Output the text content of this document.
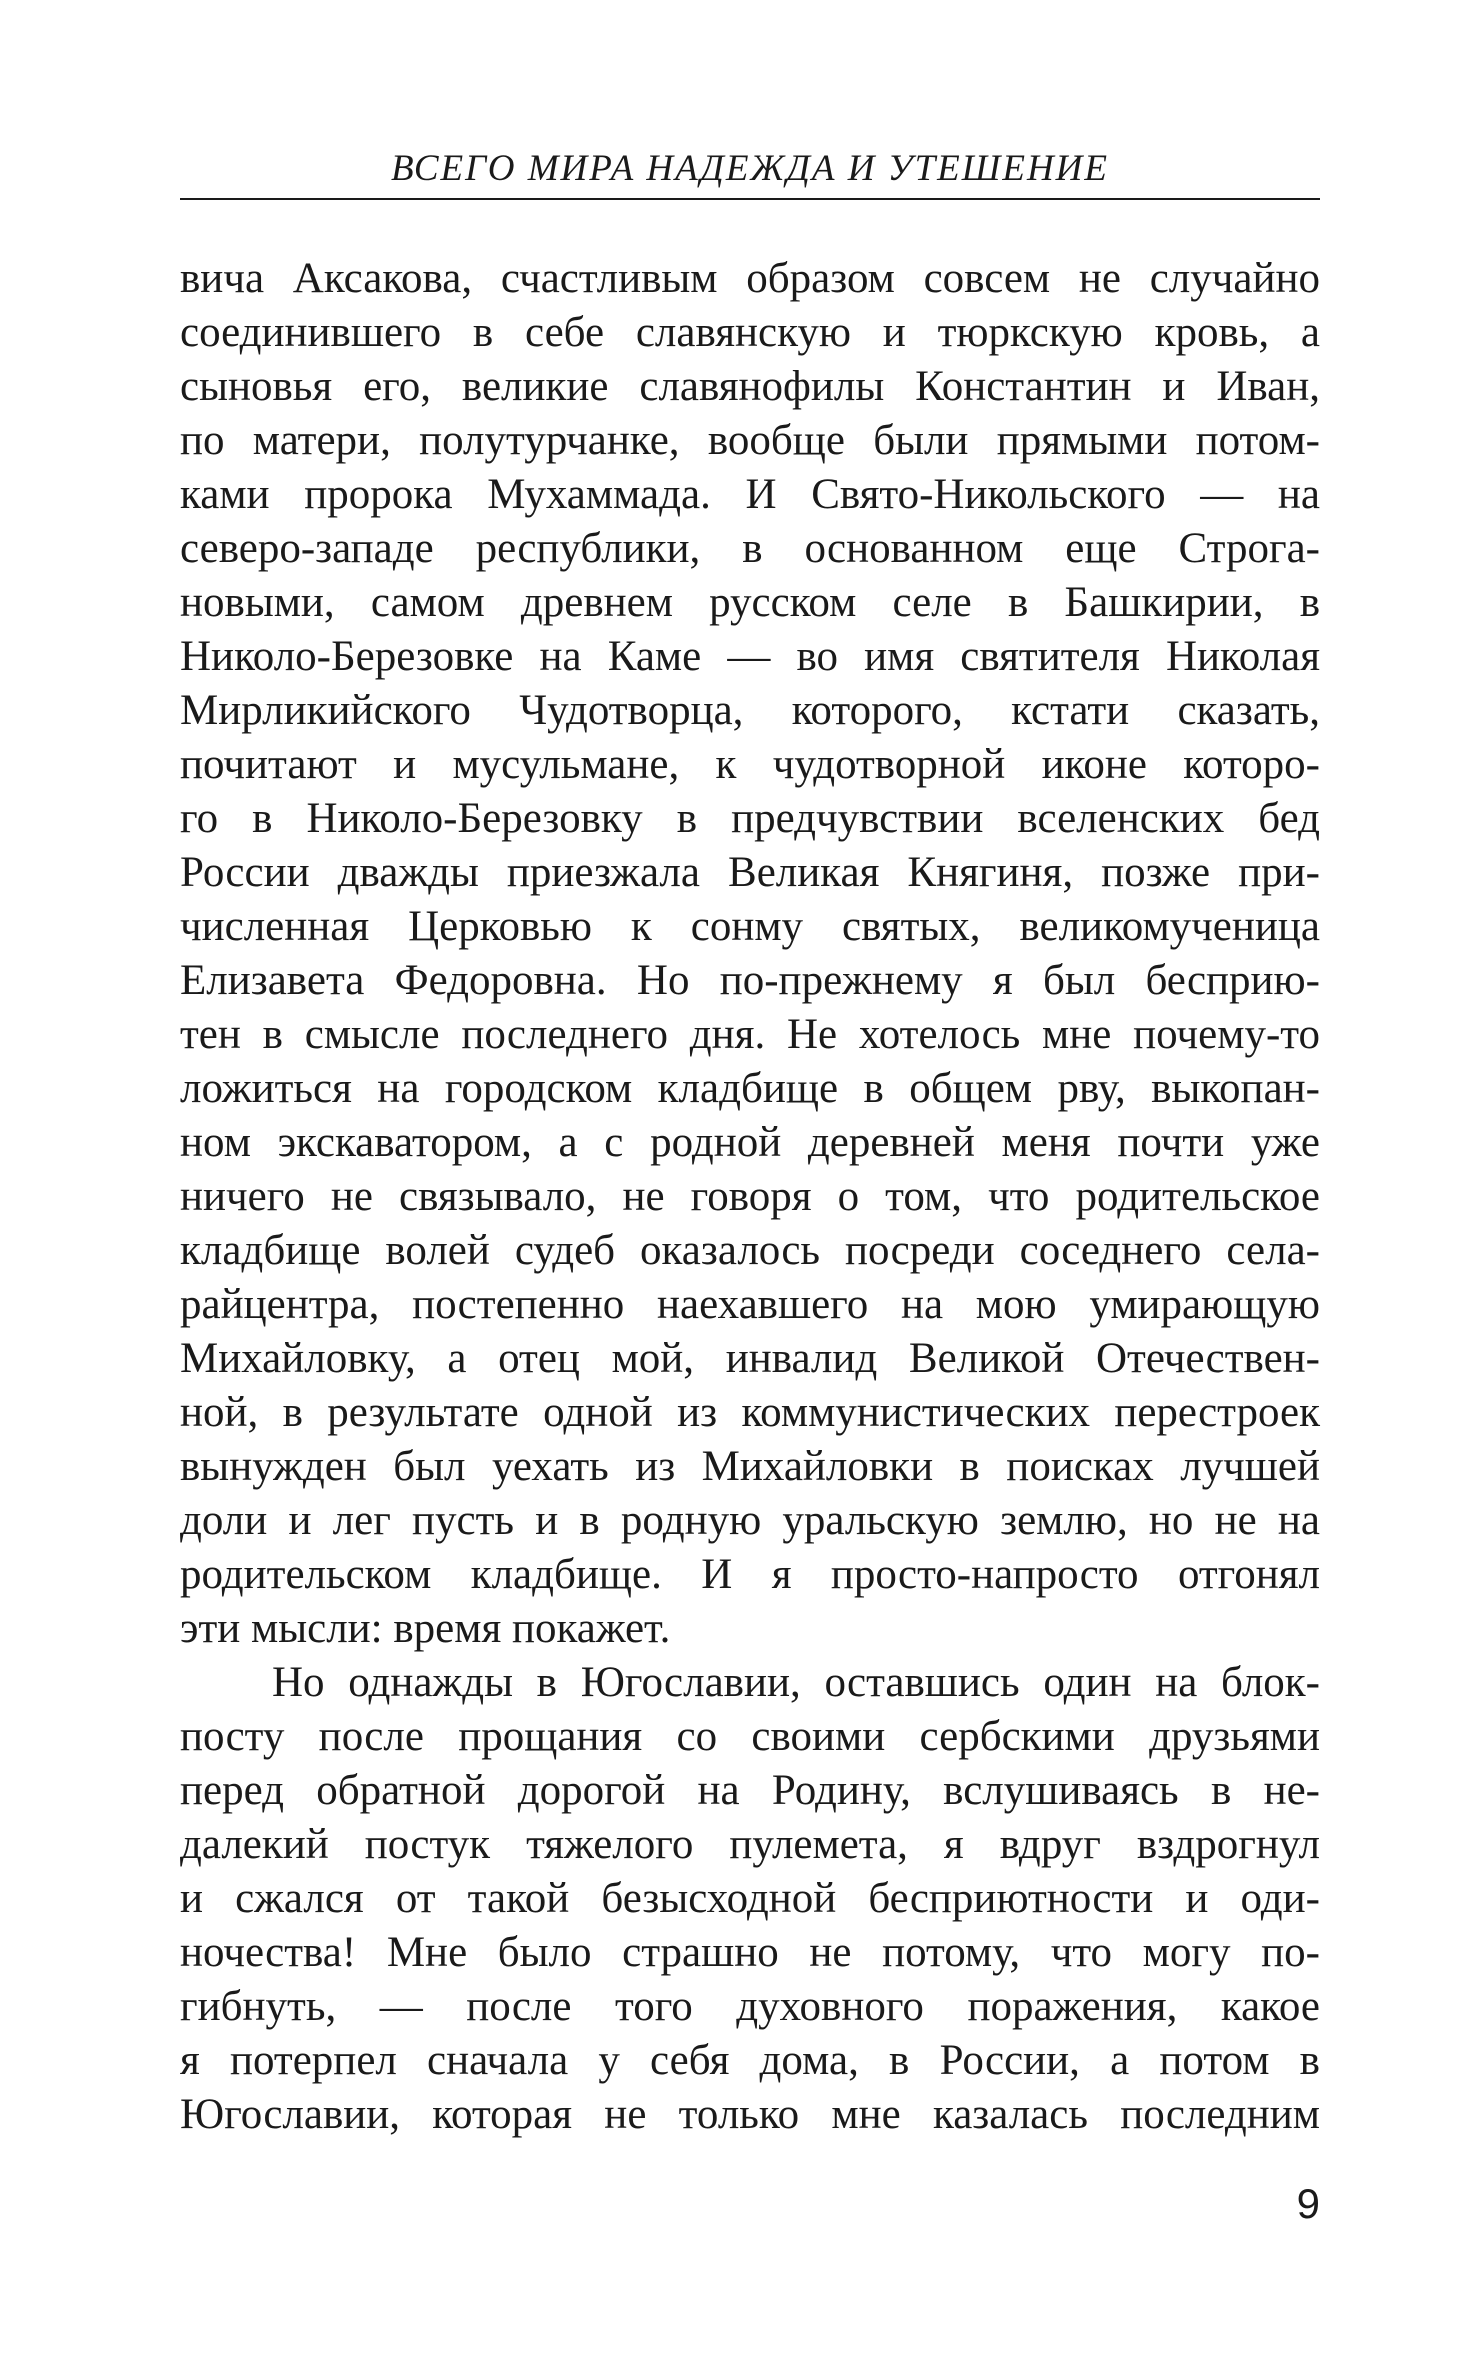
ВСЕГО МИРА НАДЕЖДА И УТЕШЕНИЕ
вича Аксакова, счастливым образом совсем не случайно
соединившего в себе славянскую и тюркскую кровь, а
сыновья его, великие славянофилы Константин и Иван,
по матери, полутурчанке, вообще были прямыми потом-
ками пророка Мухаммада. И Свято-Никольского — на
северо-западе республики, в основанном еще Строга-
новыми, самом древнем русском селе в Башкирии, в
Николо-Березовке на Каме — во имя святителя Николая
Мирликийского Чудотворца, которого, кстати сказать,
почитают и мусульмане, к чудотворной иконе которо-
го в Николо-Березовку в предчувствии вселенских бед
России дважды приезжала Великая Княгиня, позже при-
численная Церковью к сонму святых, великомученица
Елизавета Федоровна. Но по-прежнему я был бесприю-
тен в смысле последнего дня. Не хотелось мне почему-то
ложиться на городском кладбище в общем рву, выкопан-
ном экскаватором, а с родной деревней меня почти уже
ничего не связывало, не говоря о том, что родительское
кладбище волей судеб оказалось посреди соседнего села-
райцентра, постепенно наехавшего на мою умирающую
Михайловку, а отец мой, инвалид Великой Отечествен-
ной, в результате одной из коммунистических перестроек
вынужден был уехать из Михайловки в поисках лучшей
доли и лег пусть и в родную уральскую землю, но не на
родительском кладбище. И я просто-напросто отгонял
эти мысли: время покажет.
Но однажды в Югославии, оставшись один на блок-
посту после прощания со своими сербскими друзьями
перед обратной дорогой на Родину, вслушиваясь в не-
далекий постук тяжелого пулемета, я вдруг вздрогнул
и сжался от такой безысходной бесприютности и оди-
ночества! Мне было страшно не потому, что могу по-
гибнуть, — после того духовного поражения, какое
я потерпел сначала у себя дома, в России, а потом в
Югославии, которая не только мне казалась последним
9
